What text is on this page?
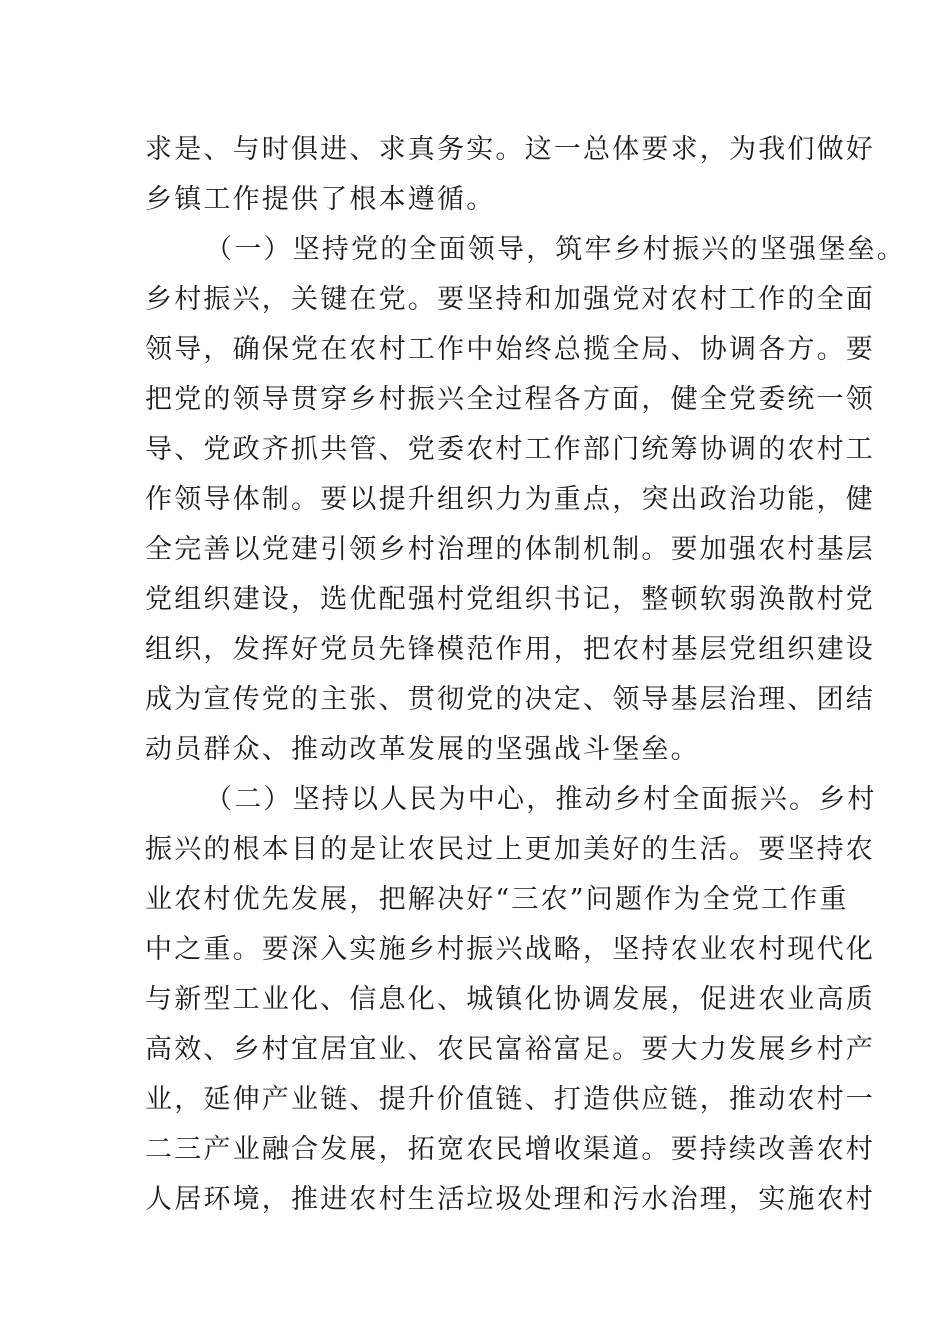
求是、与时俱进、求真务实。这一总体要求，为我们做好
乡镇工作提供了根本遵循。
（一）坚持党的全面领导，筑牢乡村振兴的坚强堡垒。
乡村振兴，关键在党。要坚持和加强党对农村工作的全面
领导，确保党在农村工作中始终总揽全局、协调各方。要
把党的领导贯穿乡村振兴全过程各方面，健全党委统一领
导、党政齐抓共管、党委农村工作部门统筹协调的农村工
作领导体制。要以提升组织力为重点，突出政治功能，健
全完善以党建引领乡村治理的体制机制。要加强农村基层
党组织建设，选优配强村党组织书记，整顿软弱涣散村党
组织，发挥好党员先锋模范作用，把农村基层党组织建设
成为宣传党的主张、贯彻党的决定、领导基层治理、团结
动员群众、推动改革发展的坚强战斗堡垒。
（二）坚持以人民为中心，推动乡村全面振兴。乡村
振兴的根本目的是让农民过上更加美好的生活。要坚持农
业农村优先发展，把解决好“三农”问题作为全党工作重
中之重。要深入实施乡村振兴战略，坚持农业农村现代化
与新型工业化、信息化、城镇化协调发展，促进农业高质
高效、乡村宜居宜业、农民富裕富足。要大力发展乡村产
业，延伸产业链、提升价值链、打造供应链，推动农村一
二三产业融合发展，拓宽农民增收渠道。要持续改善农村
人居环境，推进农村生活垃圾处理和污水治理，实施农村
